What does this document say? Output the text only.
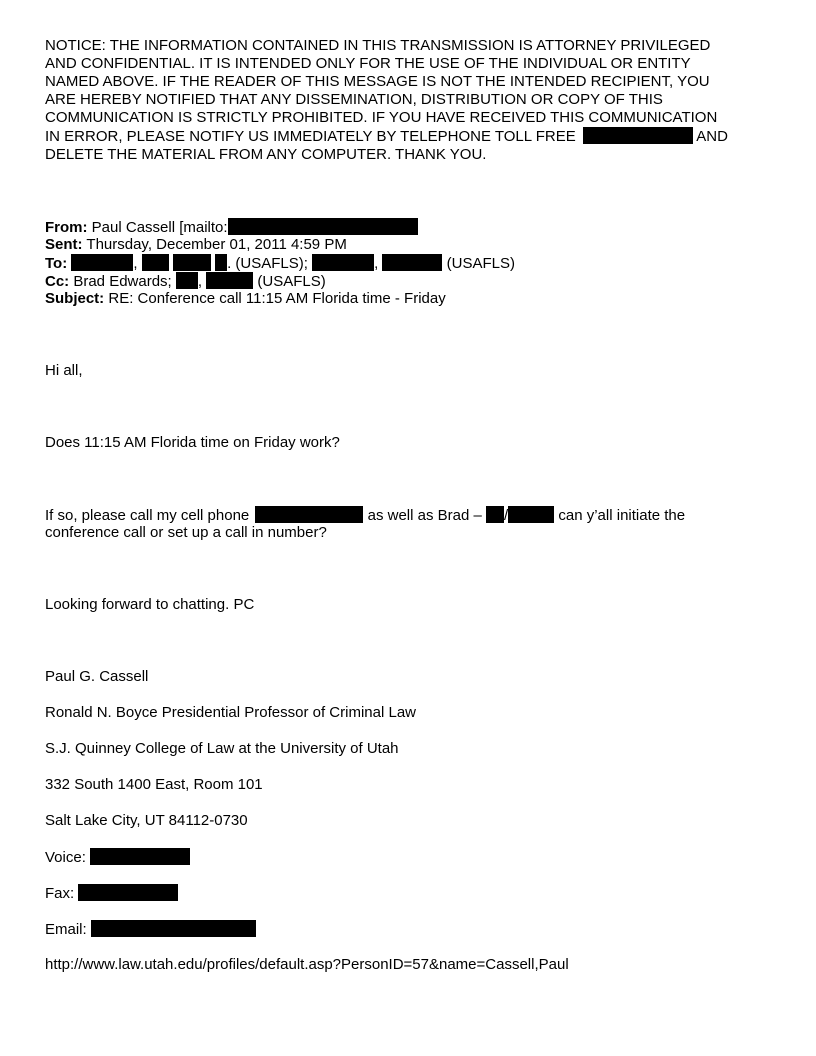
NOTICE: THE INFORMATION CONTAINED IN THIS TRANSMISSION IS ATTORNEY PRIVILEGED
AND CONFIDENTIAL. IT IS INTENDED ONLY FOR THE USE OF THE INDIVIDUAL OR ENTITY
NAMED ABOVE. IF THE READER OF THIS MESSAGE IS NOT THE INTENDED RECIPIENT, YOU
ARE HEREBY NOTIFIED THAT ANY DISSEMINATION, DISTRIBUTION OR COPY OF THIS
COMMUNICATION IS STRICTLY PROHIBITED. IF YOU HAVE RECEIVED THIS COMMUNICATION
IN ERROR, PLEASE NOTIFY US IMMEDIATELY BY TELEPHONE TOLL FREE	AND
DELETE THE MATERIAL FROM ANY COMPUTER. THANK YOU.
From: Paul Cassell [mailto:
Sent: Thursday, December 01, 2011 4:59 PM
To:	,	. (USAFLS);	,	(USAFLS)
Cc: Brad Edwards; ,	(USAFLS)
Subject: RE: Conference call 11:15 AM Florida time - Friday
Hi all,
Does 11:15 AM Florida time on Friday work?
If so, please call my cell phone	as well as Brad – /	can y’all initiate the
conference call or set up a call in number?
Looking forward to chatting. PC
Paul G. Cassell
Ronald N. Boyce Presidential Professor of Criminal Law
S.J. Quinney College of Law at the University of Utah
332 South 1400 East, Room 101
Salt Lake City, UT 84112-0730
Voice:
Fax:
Email:
http://www.law.utah.edu/profiles/default.asp?PersonID=57&name=Cassell,Paul
